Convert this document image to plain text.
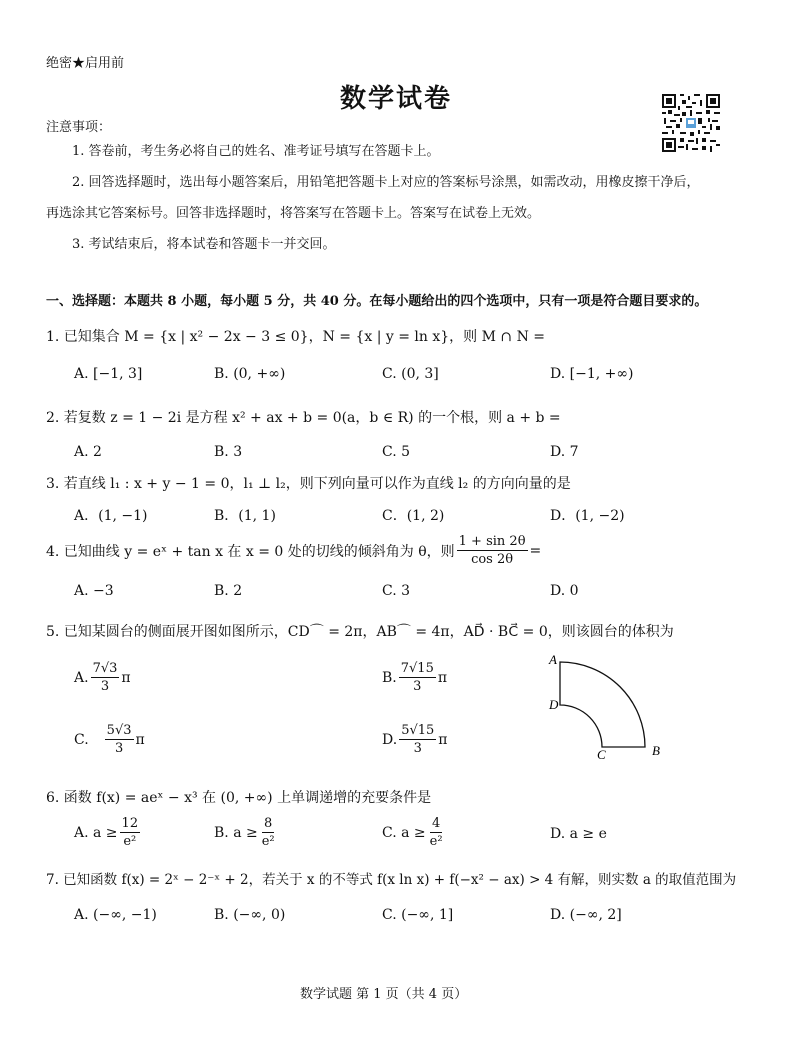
绝密★启用前
数学试卷
注意事项：
1. 答卷前，考生务必将自己的姓名、准考证号填写在答题卡上。
2. 回答选择题时，选出每小题答案后，用铅笔把答题卡上对应的答案标号涂黑，如需改动，用橡皮擦干净后，
再选涂其它答案标号。回答非选择题时，将答案写在答题卡上。答案写在试卷上无效。
3. 考试结束后，将本试卷和答题卡一并交回。
一、选择题：本题共 8 小题，每小题 5 分，共 40 分。在每小题给出的四个选项中，只有一项是符合题目要求的。
1. 已知集合 M = {x | x² − 2x − 3 ≤ 0}，N = {x | y = ln x}，则 M ∩ N =
A. [−1, 3]	B. (0, +∞)	C. (0, 3]	D. [−1, +∞)
2. 若复数 z = 1 − 2i 是方程 x² + ax + b = 0(a，b ∈ R) 的一个根，则 a + b =
A. 2	B. 3	C. 5	D. 7
3. 若直线 l₁ : x + y − 1 = 0，l₁ ⊥ l₂，则下列向量可以作为直线 l₂ 的方向向量的是
A．(1, −1)	B．(1, 1)	C．(1, 2)	D．(1, −2)
4. 已知曲线 y = eˣ + tan x 在 x = 0 处的切线的倾斜角为 θ，则 $\frac{1 + \sin 2\theta}{\cos 2\theta}$ =
A. −3	B. 2	C. 3	D. 0
5. 已知某圆台的侧面展开图如图所示，CD⌒ = 2π，AB⌒ = 4π，AD⃗ · BC⃗ = 0，则该圆台的体积为
A. $\frac{7√3}{3}$ π	B. $\frac{7√15}{3}$ π
C. $\frac{5√3}{3}$ π	D. $\frac{5√15}{3}$ π
A
D
C	B
6. 函数 f(x) = aeˣ − x³ 在 (0, +∞) 上单调递增的充要条件是
A. $a \ge \frac{12}{\text{e²}}$	B. $a \ge \frac{8}{\text{e²}}$	C. $a \ge \frac{4}{\text{e²}}$	D. a ≥ e
7. 已知函数 f(x) = 2ˣ − 2⁻ˣ + 2，若关于 x 的不等式 f(x ln x) + f(−x² − ax) > 4 有解，则实数 a 的取值范围为
A. (−∞, −1)	B. (−∞, 0)	C. (−∞, 1]	D. (−∞, 2]
数学试题 第 1 页（共 4 页）
